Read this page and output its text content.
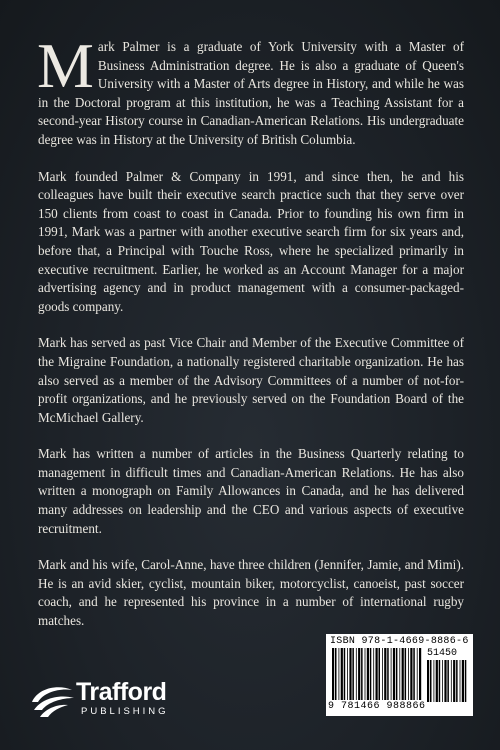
Mark Palmer is a graduate of York University with a Master of Business Administration degree. He is also a graduate of Queen's University with a Master of Arts degree in History, and while he was in the Doctoral program at this institution, he was a Teaching Assistant for a second-year History course in Canadian-American Relations. His undergraduate degree was in History at the University of British Columbia.

Mark founded Palmer & Company in 1991, and since then, he and his colleagues have built their executive search practice such that they serve over 150 clients from coast to coast in Canada. Prior to founding his own firm in 1991, Mark was a partner with another executive search firm for six years and, before that, a Principal with Touche Ross, where he specialized primarily in executive recruitment. Earlier, he worked as an Account Manager for a major advertising agency and in product management with a consumer-packaged-goods company.

Mark has served as past Vice Chair and Member of the Executive Committee of the Migraine Foundation, a nationally registered charitable organization. He has also served as a member of the Advisory Committees of a number of not-for-profit organizations, and he previously served on the Foundation Board of the McMichael Gallery.

Mark has written a number of articles in the Business Quarterly relating to management in difficult times and Canadian-American Relations. He has also written a monograph on Family Allowances in Canada, and he has delivered many addresses on leadership and the CEO and various aspects of executive recruitment.

Mark and his wife, Carol-Anne, have three children (Jennifer, Jamie, and Mimi). He is an avid skier, cyclist, mountain biker, motorcyclist, canoeist, past soccer coach, and he represented his province in a number of international rugby matches.

Trafford
PUBLISHING
ISBN 978-1-4669-8886-6
51450
9 781466 988866
